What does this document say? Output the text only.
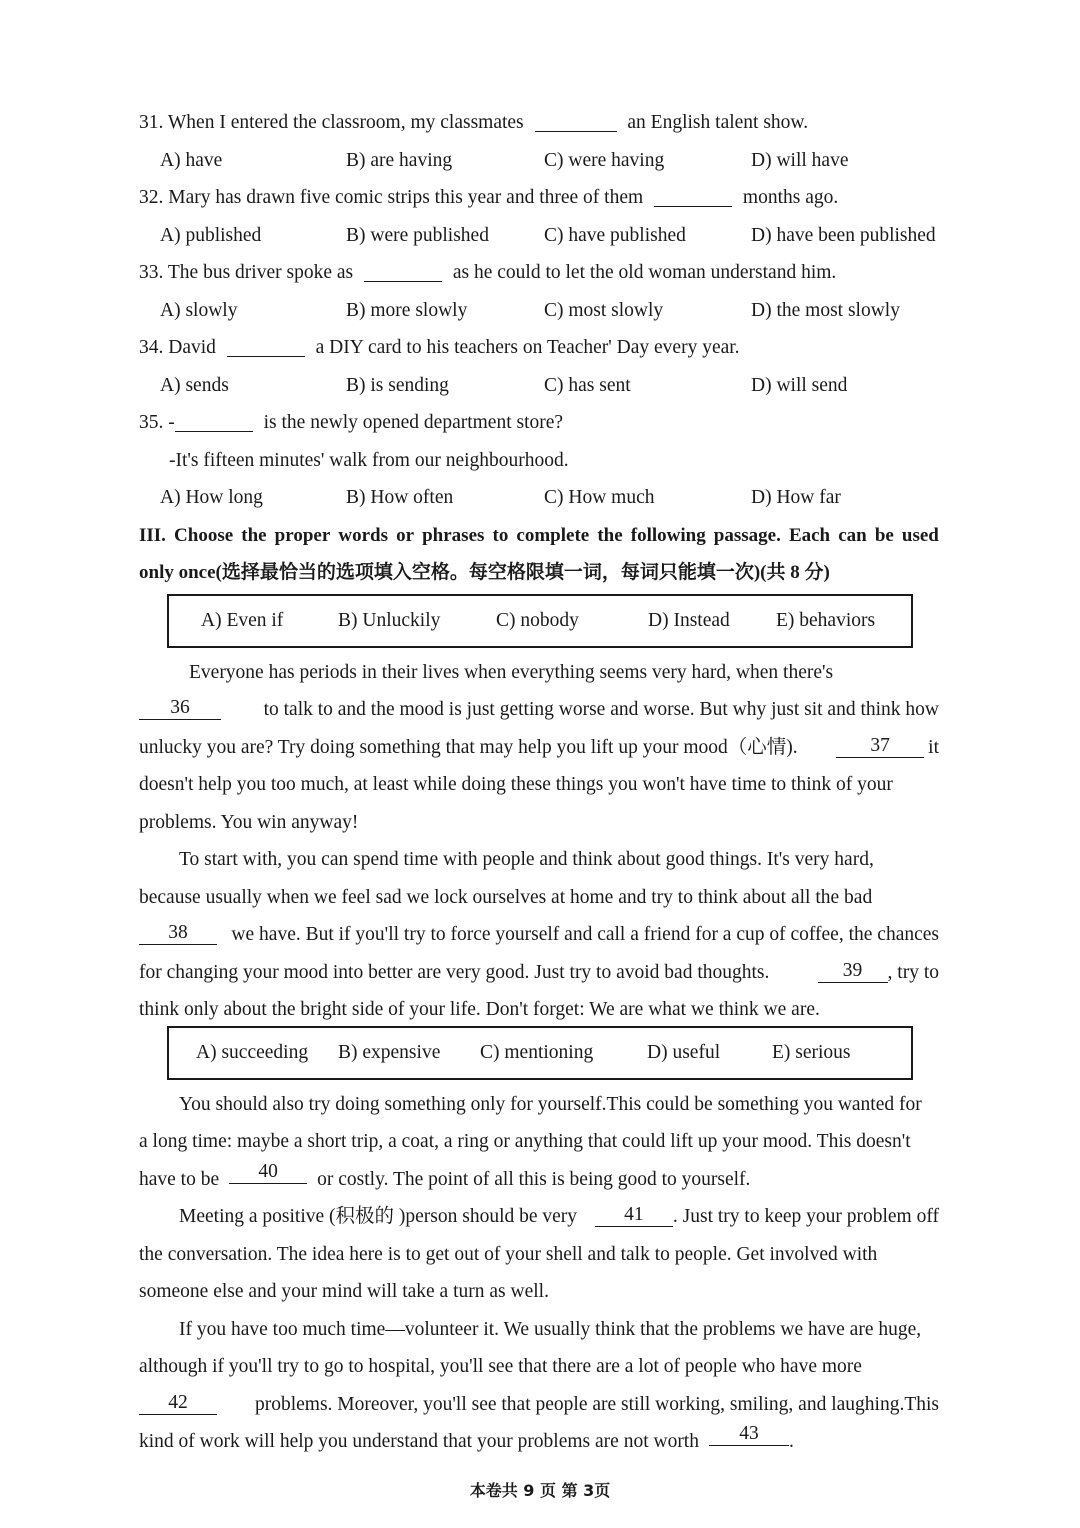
31. When I entered the classroom, my classmates	an English talent show.
A) have	B) are having	C) were having	D) will have
32. Mary has drawn five comic strips this year and three of them	months ago.
A) published	B) were published	C) have published	D) have been published
33. The bus driver spoke as	as he could to let the old woman understand him.
A) slowly	B) more slowly	C) most slowly	D) the most slowly
34. David	a DIY card to his teachers on Teacher' Day every year.
A) sends	B) is sending	C) has sent	D) will send
35. -	is the newly opened department store?
-It's fifteen minutes' walk from our neighbourhood.
A) How long	B) How often	C) How much	D) How far
III. Choose the proper words or phrases to complete the following passage. Each can be used
only once(选择最恰当的选项填入空格。每空格限填一词，每词只能填一次)(共 8 分)
A) Even if	B) Unluckily	C) nobody	D) Instead	E) behaviors
Everyone has periods in their lives when everything seems very hard, when there's
36	to talk to and the mood is just getting worse and worse. But why just sit and think how
unlucky you are? Try doing something that may help you lift up your mood（心情).	37 it
doesn't help you too much, at least while doing these things you won't have time to think of your
problems. You win anyway!
To start with, you can spend time with people and think about good things. It's very hard,
because usually when we feel sad we lock ourselves at home and try to think about all the bad
38	we have. But if you'll try to force yourself and call a friend for a cup of coffee, the chances
for changing your mood into better are very good. Just try to avoid bad thoughts.	39 , try to
think only about the bright side of your life. Don't forget: We are what we think we are.
A) succeeding	B) expensive	C) mentioning	D) useful	E) serious
You should also try doing something only for yourself.This could be something you wanted for
a long time: maybe a short trip, a coat, a ring or anything that could lift up your mood. This doesn't
have to be	40	or costly. The point of all this is being good to yourself.
Meeting a positive (积极的 )person should be very	41 . Just try to keep your problem off
the conversation. The idea here is to get out of your shell and talk to people. Get involved with
someone else and your mind will take a turn as well.
If you have too much time—volunteer it. We usually think that the problems we have are huge,
although if you'll try to go to hospital, you'll see that there are a lot of people who have more
42	problems. Moreover, you'll see that people are still working, smiling, and laughing.This
kind of work will help you understand that your problems are not worth	43	.
本卷共 9 页 第 3页
